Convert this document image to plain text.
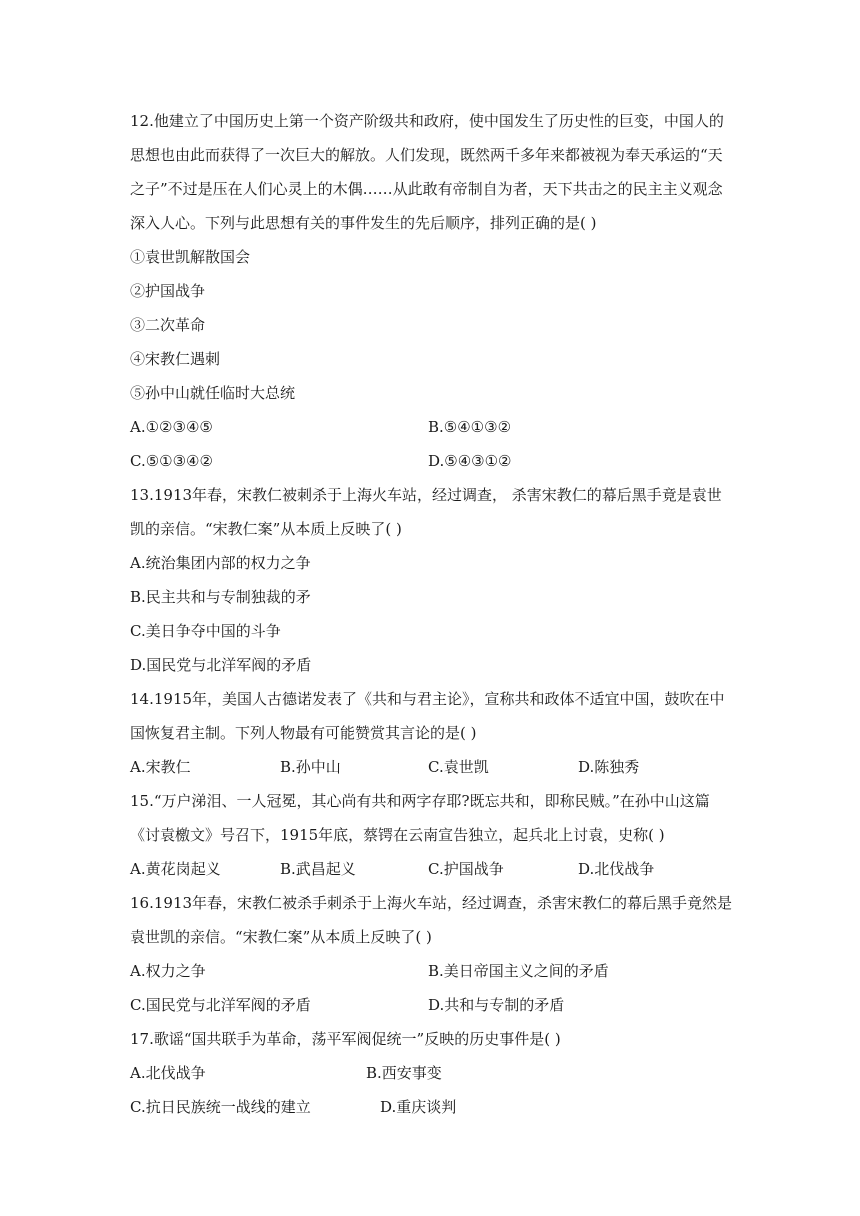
12.他建立了中国历史上第一个资产阶级共和政府，使中国发生了历史性的巨变，中国人的
思想也由此而获得了一次巨大的解放。人们发现，既然两千多年来都被视为奉天承运的“天
之子”不过是压在人们心灵上的木偶……从此敢有帝制自为者，天下共击之的民主主义观念
深入人心。下列与此思想有关的事件发生的先后顺序，排列正确的是( )
①袁世凯解散国会
②护国战争
③二次革命
④宋教仁遇刺
⑤孙中山就任临时大总统
A.①②③④⑤	B.⑤④①③②
C.⑤①③④②	D.⑤④③①②
13.1913年春，宋教仁被刺杀于上海火车站，经过调查， 杀害宋教仁的幕后黑手竟是袁世
凯的亲信。“宋教仁案”从本质上反映了( )
A.统治集团内部的权力之争
B.民主共和与专制独裁的矛
C.美日争夺中国的斗争
D.国民党与北洋军阀的矛盾
14.1915年，美国人古德诺发表了《共和与君主论》，宣称共和政体不适宜中国，鼓吹在中
国恢复君主制。下列人物最有可能赞赏其言论的是( )
A.宋教仁	B.孙中山	C.袁世凯	D.陈独秀
15.“万户涕泪、一人冠冕，其心尚有共和两字存耶?既忘共和，即称民贼。”在孙中山这篇
《讨袁檄文》号召下，1915年底，蔡锷在云南宣告独立，起兵北上讨袁，史称( )
A.黄花岗起义	B.武昌起义	C.护国战争	D.北伐战争
16.1913年春，宋教仁被杀手刺杀于上海火车站，经过调查，杀害宋教仁的幕后黑手竟然是
袁世凯的亲信。“宋教仁案”从本质上反映了( )
A.权力之争	B.美日帝国主义之间的矛盾
C.国民党与北洋军阀的矛盾	D.共和与专制的矛盾
17.歌谣“国共联手为革命，荡平军阀促统一”反映的历史事件是( )
A.北伐战争	B.西安事变
C.抗日民族统一战线的建立	D.重庆谈判
